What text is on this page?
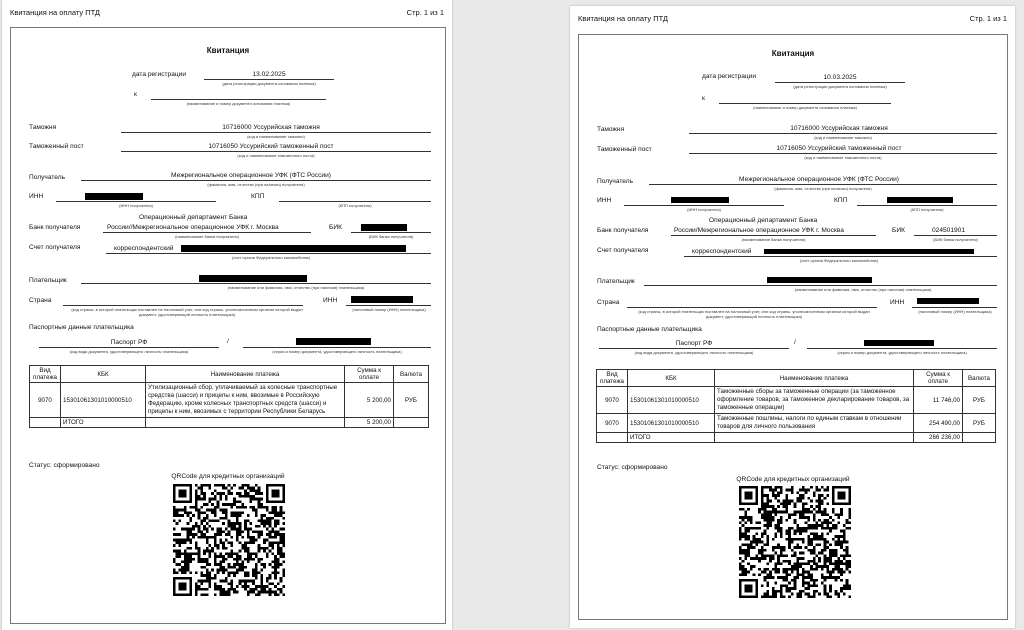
Квитанция на оплату ПТД	Стр. 1 из 1
Квитанция
дата регистрации	13.02.2025
(дата регистрации документа основания платежа)
к
(наименование и номер документа основания платежа)
Таможня	10716000 Уссурийская таможня
(код и наименование таможни)
Таможенный пост	10716050 Уссурийский таможенный пост
(код и наименование таможенного поста)
Получатель	Межрегиональное операционное УФК (ФТС России)
(фамилия, имя, отчество (при наличии) получателя)
ИНН
(ИНН получателя)
КПП
(КПП получателя)
Операционный департамент Банка
Банк получателя	России//Межрегиональное операционное УФК г. Москва
(наименование банка получателя)
БИК
(БИК банка получателя)
Счет получателя	корреспондентский
(счет органа Федерального казначейства)
Плательщик
(наименование или фамилия, имя, отчество (при наличии) плательщика)
Страна
(код страны, в которой плательщик поставлен на налоговый учет, или код страны, уполномоченным органом которой выдан документ, удостоверяющий личность плательщика)
ИНН
(налоговый номер (ИНН) плательщика)
Паспортные данные плательщика
Паспорт РФ
(код вида документа, удостоверяющего личность плательщика)
/
(серия и номер документа, удостоверяющего личность плательщика)
Вид платежа	КБК	Наименование платежа	Сумма к оплате	Валюта
9070	15301061301010000510	Утилизационный сбор, уплачиваемый за колесные транспортные средства (шасси) и прицепы к ним, ввозимые в Российскую Федерацию, кроме колесных транспортных средств (шасси) и прицепы к ним, ввозимых с территории Республики Беларусь	5 200,00	РУБ
	ИТОГО		5 200,00	
Статус: сформировано
QRCode для кредитных организаций
Квитанция на оплату ПТД	Стр. 1 из 1
Квитанция
дата регистрации	10.03.2025
(дата регистрации документа основания платежа)
к
(наименование и номер документа основания платежа)
Таможня	10716000 Уссурийская таможня
(код и наименование таможни)
Таможенный пост	10716050 Уссурийский таможенный пост
(код и наименование таможенного поста)
Получатель	Межрегиональное операционное УФК (ФТС России)
(фамилия, имя, отчество (при наличии) получателя)
ИНН
(ИНН получателя)
КПП
(КПП получателя)
Операционный департамент Банка
Банк получателя	России/Межрегиональное операционное УФК г. Москва
(наименование банка получателя)
БИК	024501901
(БИК банка получателя)
Счет получателя	корреспондентский
(счет органа Федерального казначейства)
Плательщик
(наименование или фамилия, имя, отчество (при наличии) плательщика)
Страна
(код страны, в которой плательщик поставлен на налоговый учет, или код страны, уполномоченным органом которой выдан документ, удостоверяющий личность плательщика)
ИНН
(налоговый номер (ИНН) плательщика)
Паспортные данные плательщика
Паспорт РФ
(код вида документа, удостоверяющего личность плательщика)
/
(серия и номер документа, удостоверяющего личность плательщика)
Вид платежа	КБК	Наименование платежа	Сумма к оплате	Валюта
9070	15301061301010000510	Таможенные сборы за таможенные операции (за таможенное оформление товаров, за таможенное декларирование товаров, за таможенные операции)	11 746,00	РУБ
9070	15301061301010000510	Таможенные пошлины, налоги по единым ставкам в отношении товаров для личного пользования	254 490,00	РУБ
	ИТОГО		266 236,00	
Статус: сформировано
QRCode для кредитных организаций
